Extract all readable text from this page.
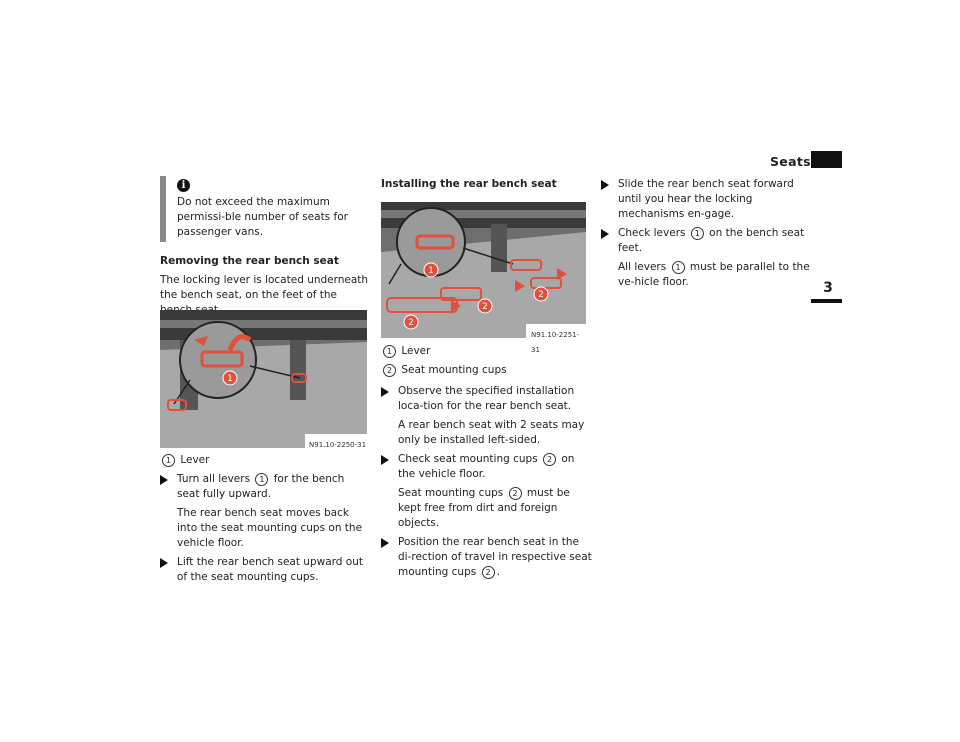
Seats
3
i
Do not exceed the maximum permissi-ble number of seats for passenger vans.

Removing the rear bench seat

The locking lever is located underneath the bench seat, on the feet of the

1
N91.10-2250-31

1 Lever

Turn all levers 1 for the bench seat fully upward.

The rear bench seat moves back into the seat mounting cups on the vehicle floor.

Lift the rear bench seat upward out of the seat mounting cups.

Installing the rear bench seat

1
2
2
2
N91.10-2251-31

1 Lever

2 Seat mounting cups

Observe the specified installation loca-tion for the rear bench seat.

A rear bench seat with 2 seats may only be installed left-sided.

Check seat mounting cups 2 on the vehicle floor.

Seat mounting cups 2 must be kept free from dirt and foreign objects.

Position the rear bench seat in the di-rection of travel in respective seat mounting cups 2 .

Slide the rear bench seat forward until you hear the locking mechanisms en-gage.

Check levers 1 on the bench seat feet.

All levers 1 must be parallel to the ve-hicle floor.
